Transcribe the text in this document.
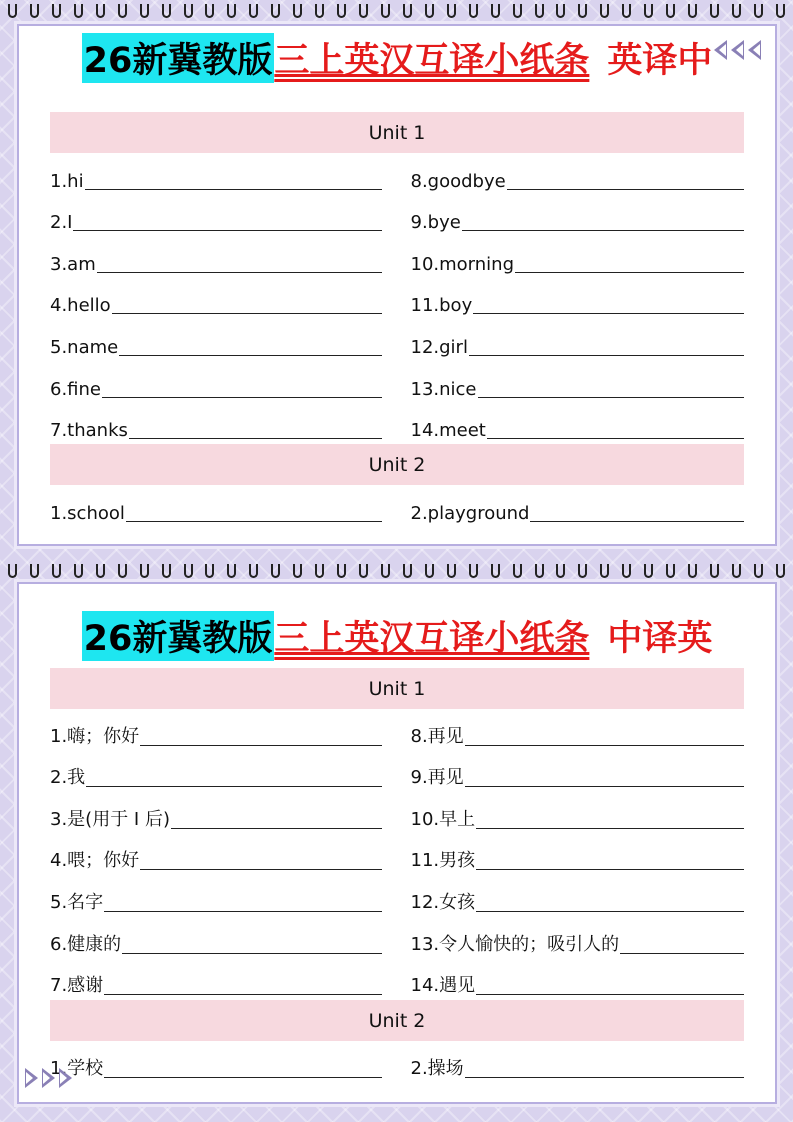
26新冀教版 三上英汉互译小纸条 英译中
Unit 1
1.hi	8.goodbye
2.I	9.bye
3.am	10.morning
4.hello	11.boy
5.name	12.girl
6.fine	13.nice
7.thanks	14.meet
Unit 2
1.school	2.playground
26新冀教版 三上英汉互译小纸条 中译英
Unit 1
1.嗨；你好	8.再见
2.我	9.再见
3.是(用于 I 后)	10.早上
4.喂；你好	11.男孩
5.名字	12.女孩
6.健康的	13.令人愉快的；吸引人的
7.感谢	14.遇见
Unit 2
1.学校	2.操场
